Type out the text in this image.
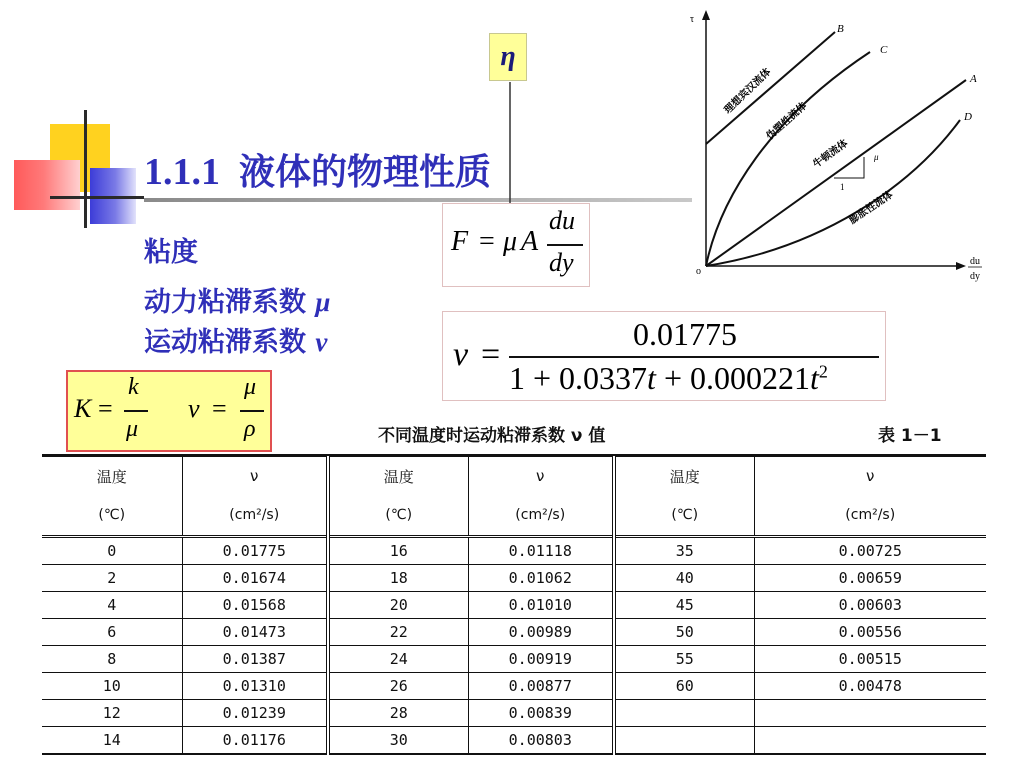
1.1.1 液体的物理性质
粘度
动力粘滞系数 μ
运动粘滞系数 ν
η
F = μ A
du
dy
ν =
0.01775
$1 + 0.0337t + 0.000221t^2$
K =
k
μ
ν =
μ
ρ
τ
o
du
dy
μ
1
B
C
A
D
理想宾汉流体
伪塑性流体
牛顿流体
膨胀性流体
不同温度时运动粘滞系数 ν 值	表 1－1

温度	ν	温度	ν	温度	ν
(℃)	(cm²/s)	(℃)	(cm²/s)	(℃)	(cm²/s)
0	0.01775	16	0.01118	35	0.00725
2	0.01674	18	0.01062	40	0.00659
4	0.01568	20	0.01010	45	0.00603
6	0.01473	22	0.00989	50	0.00556
8	0.01387	24	0.00919	55	0.00515
10	0.01310	26	0.00877	60	0.00478
12	0.01239	28	0.00839		
14	0.01176	30	0.00803		
